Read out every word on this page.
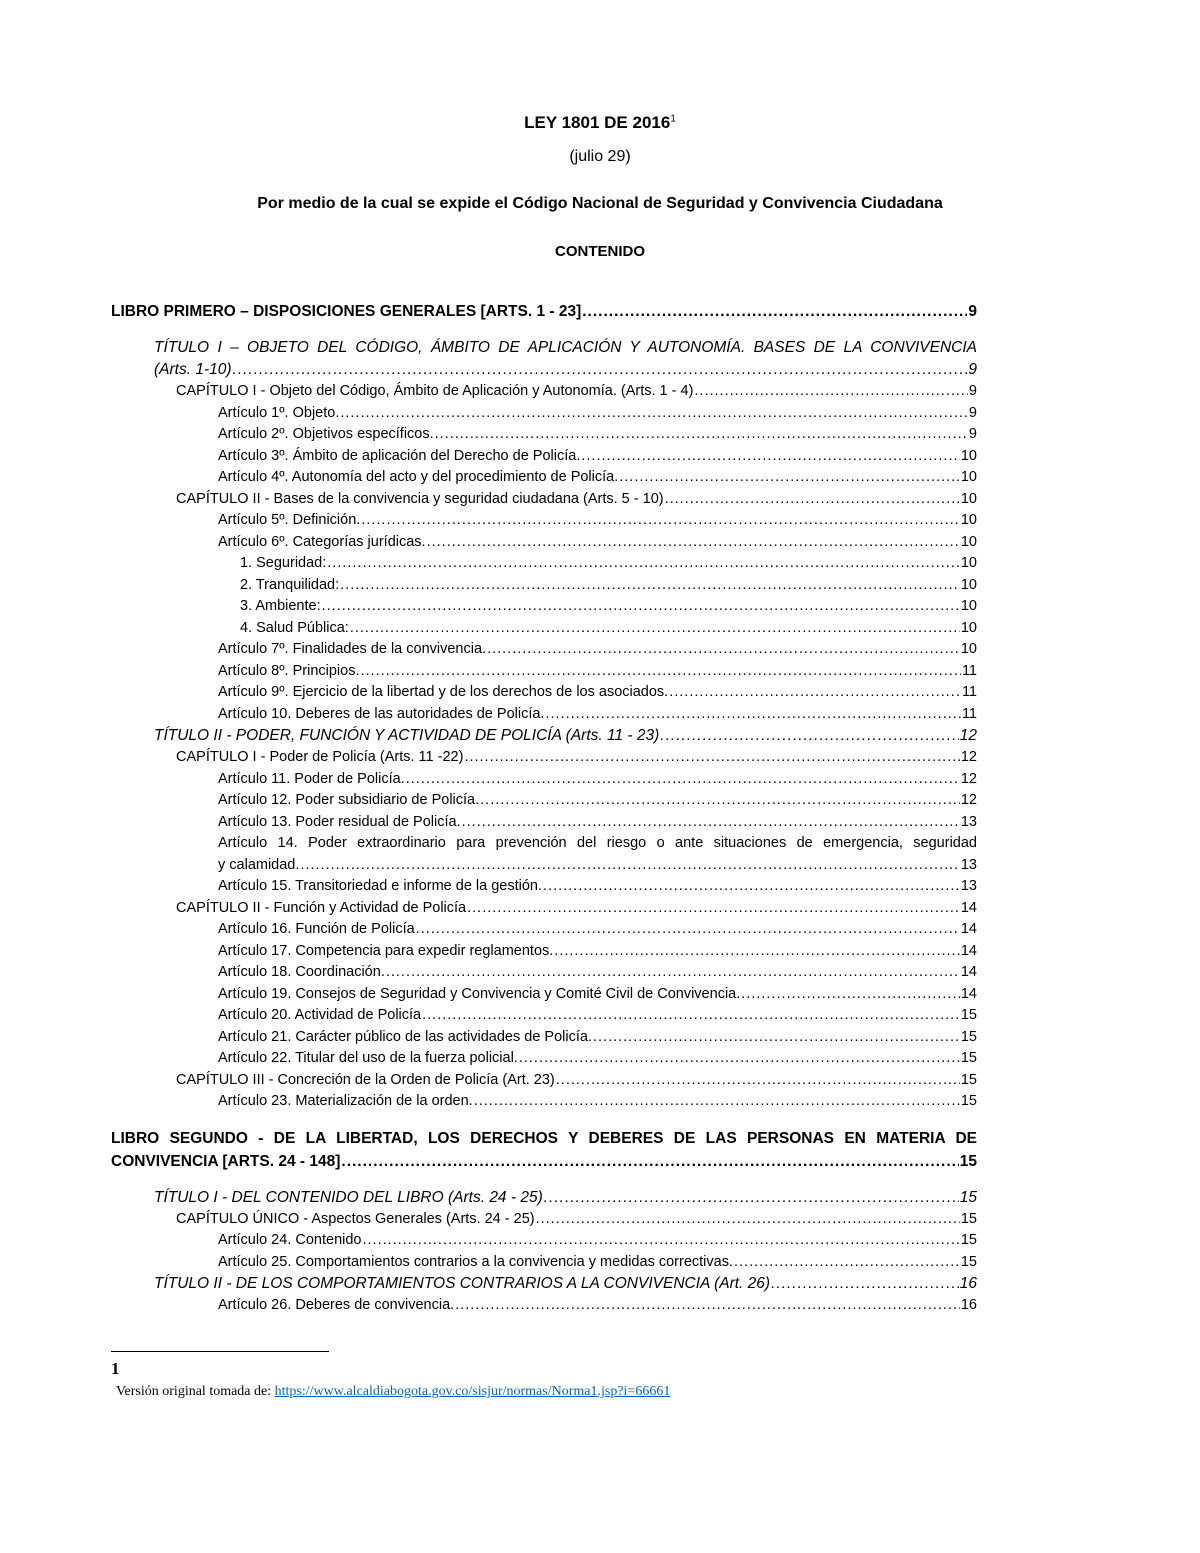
LEY 1801 DE 2016$^1$
(julio 29)
Por medio de la cual se expide el Código Nacional de Seguridad y Convivencia Ciudadana
CONTENIDO
LIBRO PRIMERO – DISPOSICIONES GENERALES [ARTS. 1 - 23] .....	9
TÍTULO I – OBJETO DEL CÓDIGO, ÁMBITO DE APLICACIÓN Y AUTONOMÍA. BASES DE LA CONVIVENCIA
(Arts. 1-10) .....	9
CAPÍTULO I - Objeto del Código, Ámbito de Aplicación y Autonomía. (Arts. 1 - 4) .....	9
Artículo 1º. Objeto. .....	9
Artículo 2º. Objetivos específicos. .....	9
Artículo 3º. Ámbito de aplicación del Derecho de Policía. .....	10
Artículo 4º. Autonomía del acto y del procedimiento de Policía. .....	10
CAPÍTULO II - Bases de la convivencia y seguridad ciudadana (Arts. 5 - 10) .....	10
Artículo 5º. Definición. .....	10
Artículo 6º. Categorías jurídicas. .....	10
1. Seguridad: .....	10
2. Tranquilidad: .....	10
3. Ambiente: .....	10
4. Salud Pública: .....	10
Artículo 7º. Finalidades de la convivencia. .....	10
Artículo 8º. Principios. .....	11
Artículo 9º. Ejercicio de la libertad y de los derechos de los asociados. .....	11
Artículo 10. Deberes de las autoridades de Policía. .....	11
TÍTULO II - PODER, FUNCIÓN Y ACTIVIDAD DE POLICÍA (Arts. 11 - 23) .....	12
CAPÍTULO I - Poder de Policía (Arts. 11 -22) .....	12
Artículo 11. Poder de Policía. .....	12
Artículo 12. Poder subsidiario de Policía. .....	12
Artículo 13. Poder residual de Policía. .....	13
Artículo 14. Poder extraordinario para prevención del riesgo o ante situaciones de emergencia, seguridad
y calamidad. .....	13
Artículo 15. Transitoriedad e informe de la gestión. .....	13
CAPÍTULO II - Función y Actividad de Policía .....	14
Artículo 16. Función de Policía .....	14
Artículo 17. Competencia para expedir reglamentos. .....	14
Artículo 18. Coordinación. .....	14
Artículo 19. Consejos de Seguridad y Convivencia y Comité Civil de Convivencia. .....	14
Artículo 20. Actividad de Policía .....	15
Artículo 21. Carácter público de las actividades de Policía. .....	15
Artículo 22. Titular del uso de la fuerza policial. .....	15
CAPÍTULO III - Concreción de la Orden de Policía (Art. 23) .....	15
Artículo 23. Materialización de la orden. .....	15
LIBRO SEGUNDO - DE LA LIBERTAD, LOS DERECHOS Y DEBERES DE LAS PERSONAS EN MATERIA DE
CONVIVENCIA [ARTS. 24 - 148] .....	15
TÍTULO I - DEL CONTENIDO DEL LIBRO (Arts. 24 - 25) .....	15
CAPÍTULO ÚNICO - Aspectos Generales (Arts. 24 - 25) .....	15
Artículo 24. Contenido .....	15
Artículo 25. Comportamientos contrarios a la convivencia y medidas correctivas. .....	15
TÍTULO II - DE LOS COMPORTAMIENTOS CONTRARIOS A LA CONVIVENCIA (Art. 26) .....	16
Artículo 26. Deberes de convivencia. .....	16
1
Versión original tomada de: https://www.alcaldiabogota.gov.co/sisjur/normas/Norma1.jsp?i=66661
